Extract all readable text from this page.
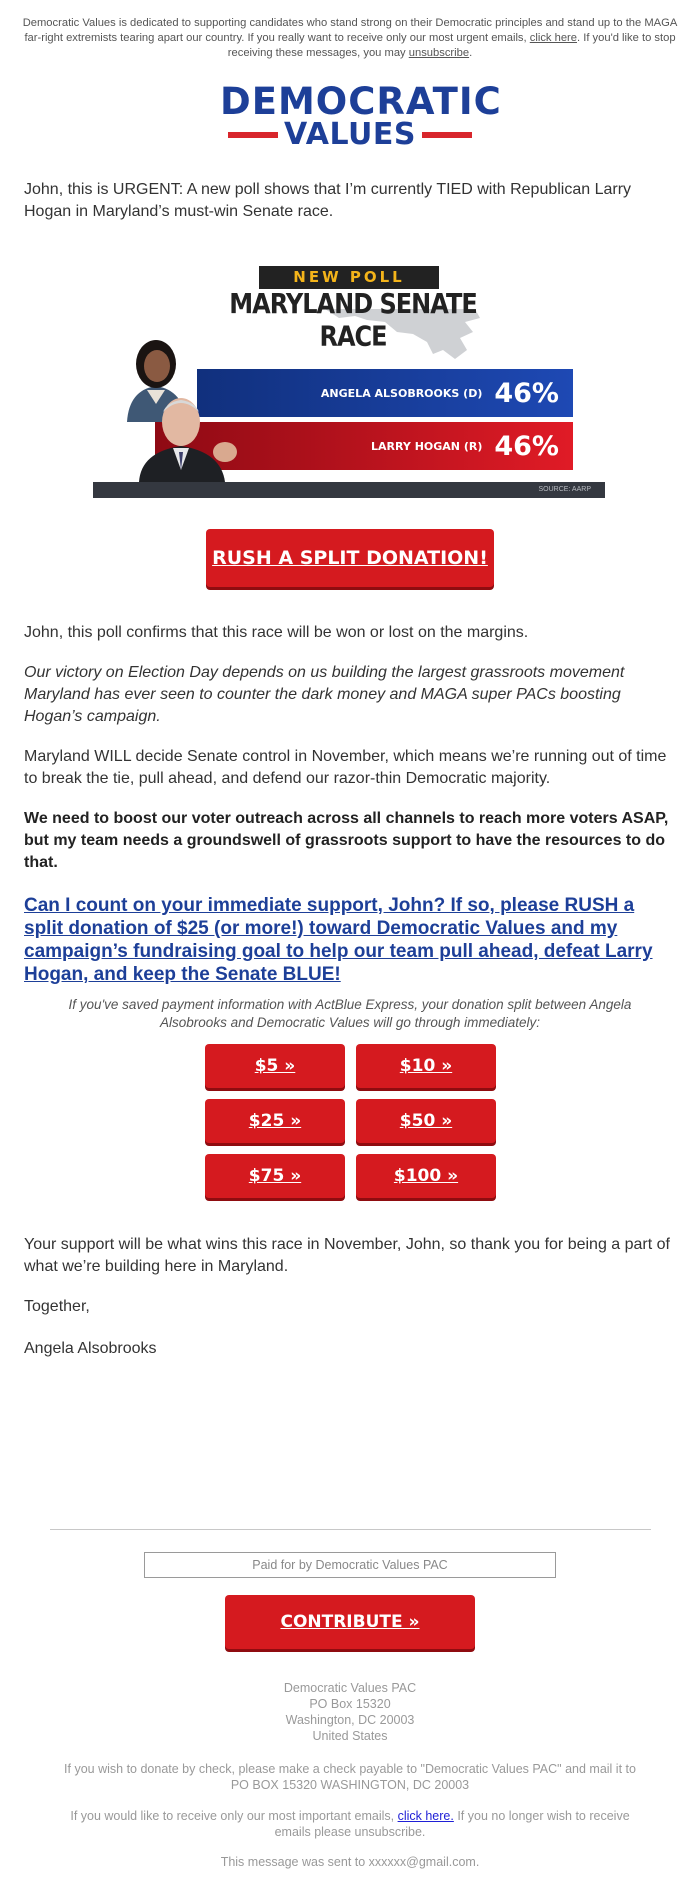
Democratic Values is dedicated to supporting candidates who stand strong on their Democratic principles and stand up to the MAGA far-right extremists tearing apart our country. If you really want to receive only our most urgent emails, click here. If you'd like to stop receiving these messages, you may unsubscribe.
DEMOCRATIC
VALUES

John, this is URGENT: A new poll shows that I’m currently TIED with Republican Larry Hogan in Maryland’s must-win Senate race.

NEW POLL
MARYLAND SENATE RACE
ANGELA ALSOBROOKS (D) 46%
LARRY HOGAN (R) 46%
SOURCE: AARP
RUSH A SPLIT DONATION!

John, this poll confirms that this race will be won or lost on the margins.

Our victory on Election Day depends on us building the largest grassroots movement Maryland has ever seen to counter the dark money and MAGA super PACs boosting Hogan’s campaign.

Maryland WILL decide Senate control in November, which means we’re running out of time to break the tie, pull ahead, and defend our razor-thin Democratic majority.

We need to boost our voter outreach across all channels to reach more voters ASAP, but my team needs a groundswell of grassroots support to have the resources to do that.

Can I count on your immediate support, John? If so, please RUSH a split donation of $25 (or more!) toward Democratic Values and my campaign’s fundraising goal to help our team pull ahead, defeat Larry Hogan, and keep the Senate BLUE!

If you've saved payment information with ActBlue Express, your donation split between Angela Alsobrooks and Democratic Values will go through immediately:

$5 »	$10 »
$25 »	$50 »
$75 »	$100 »

Your support will be what wins this race in November, John, so thank you for being a part of what we’re building here in Maryland.

Together,

Angela Alsobrooks

Paid for by Democratic Values PAC
CONTRIBUTE »
Democratic Values PAC
PO Box 15320
Washington, DC 20003
United States
If you wish to donate by check, please make a check payable to "Democratic Values PAC" and mail it to PO BOX 15320 WASHINGTON, DC 20003
If you would like to receive only our most important emails, click here. If you no longer wish to receive emails please unsubscribe.
This message was sent to xxxxxx@gmail.com.
